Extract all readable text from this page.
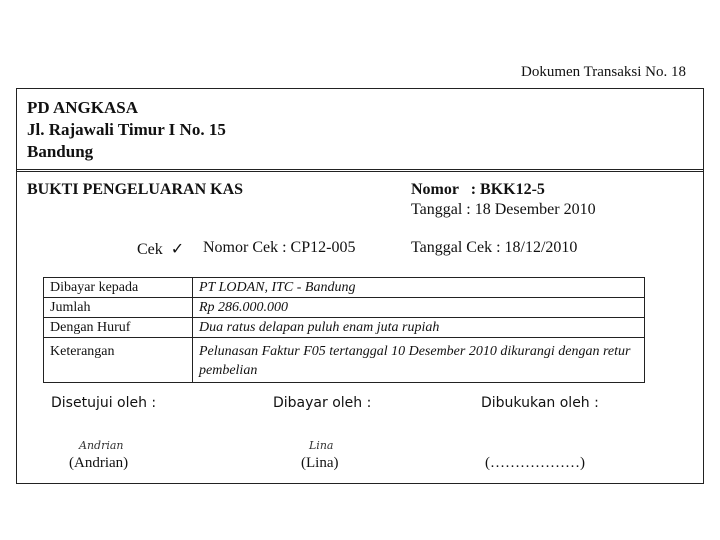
Dokumen Transaksi No. 18
PD ANGKASA
Jl. Rajawali Timur I No. 15
Bandung
BUKTI PENGELUARAN KAS	Nomor   : BKK12-5
Tanggal : 18 Desember 2010
Cek  ✓ Nomor Cek : CP12-005	Tanggal Cek : 18/12/2010
Dibayar kepada	PT LODAN, ITC - Bandung
Jumlah	Rp 286.000.000
Dengan Huruf	Dua ratus delapan puluh enam juta rupiah
Keterangan	Pelunasan Faktur F05 tertanggal 10 Desember 2010 dikurangi dengan retur pembelian
Disetujui oleh :	Dibayar oleh :	Dibukukan oleh :
Andrian	Lina
(Andrian)	(Lina)	(………………)
